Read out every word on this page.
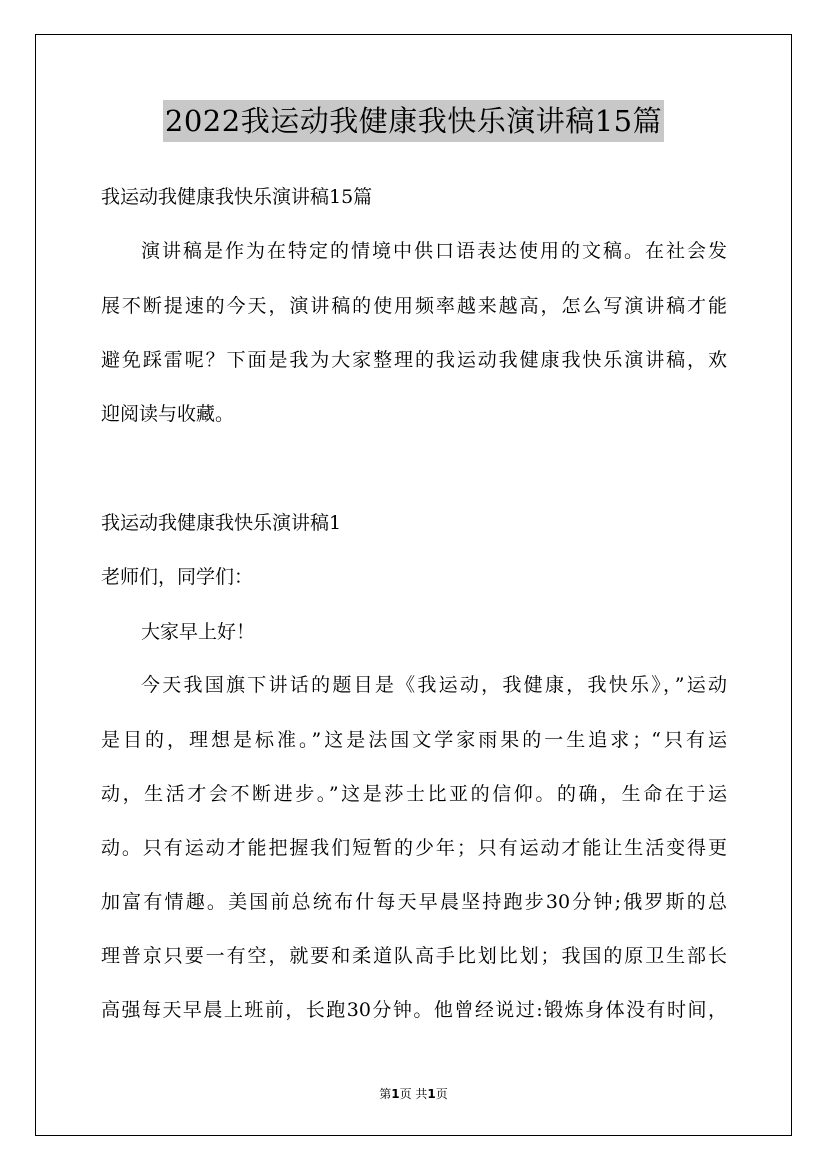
2022我运动我健康我快乐演讲稿15篇
我运动我健康我快乐演讲稿15篇
演讲稿是作为在特定的情境中供口语表达使用的文稿。在社会发
展不断提速的今天，演讲稿的使用频率越来越高，怎么写演讲稿才能
避免踩雷呢？下面是我为大家整理的我运动我健康我快乐演讲稿，欢
迎阅读与收藏。
我运动我健康我快乐演讲稿1
老师们，同学们：
大家早上好！
今天我国旗下讲话的题目是《我运动，我健康，我快乐》，”运动
是目的，理想是标准。”这是法国文学家雨果的一生追求；“只有运
动，生活才会不断进步。”这是莎士比亚的信仰。的确，生命在于运
动。只有运动才能把握我们短暂的少年；只有运动才能让生活变得更
加富有情趣。美国前总统布什每天早晨坚持跑步30分钟;俄罗斯的总
理普京只要一有空，就要和柔道队高手比划比划；我国的原卫生部长
高强每天早晨上班前，长跑30分钟。他曾经说过:锻炼身体没有时间，
第1页 共1页
